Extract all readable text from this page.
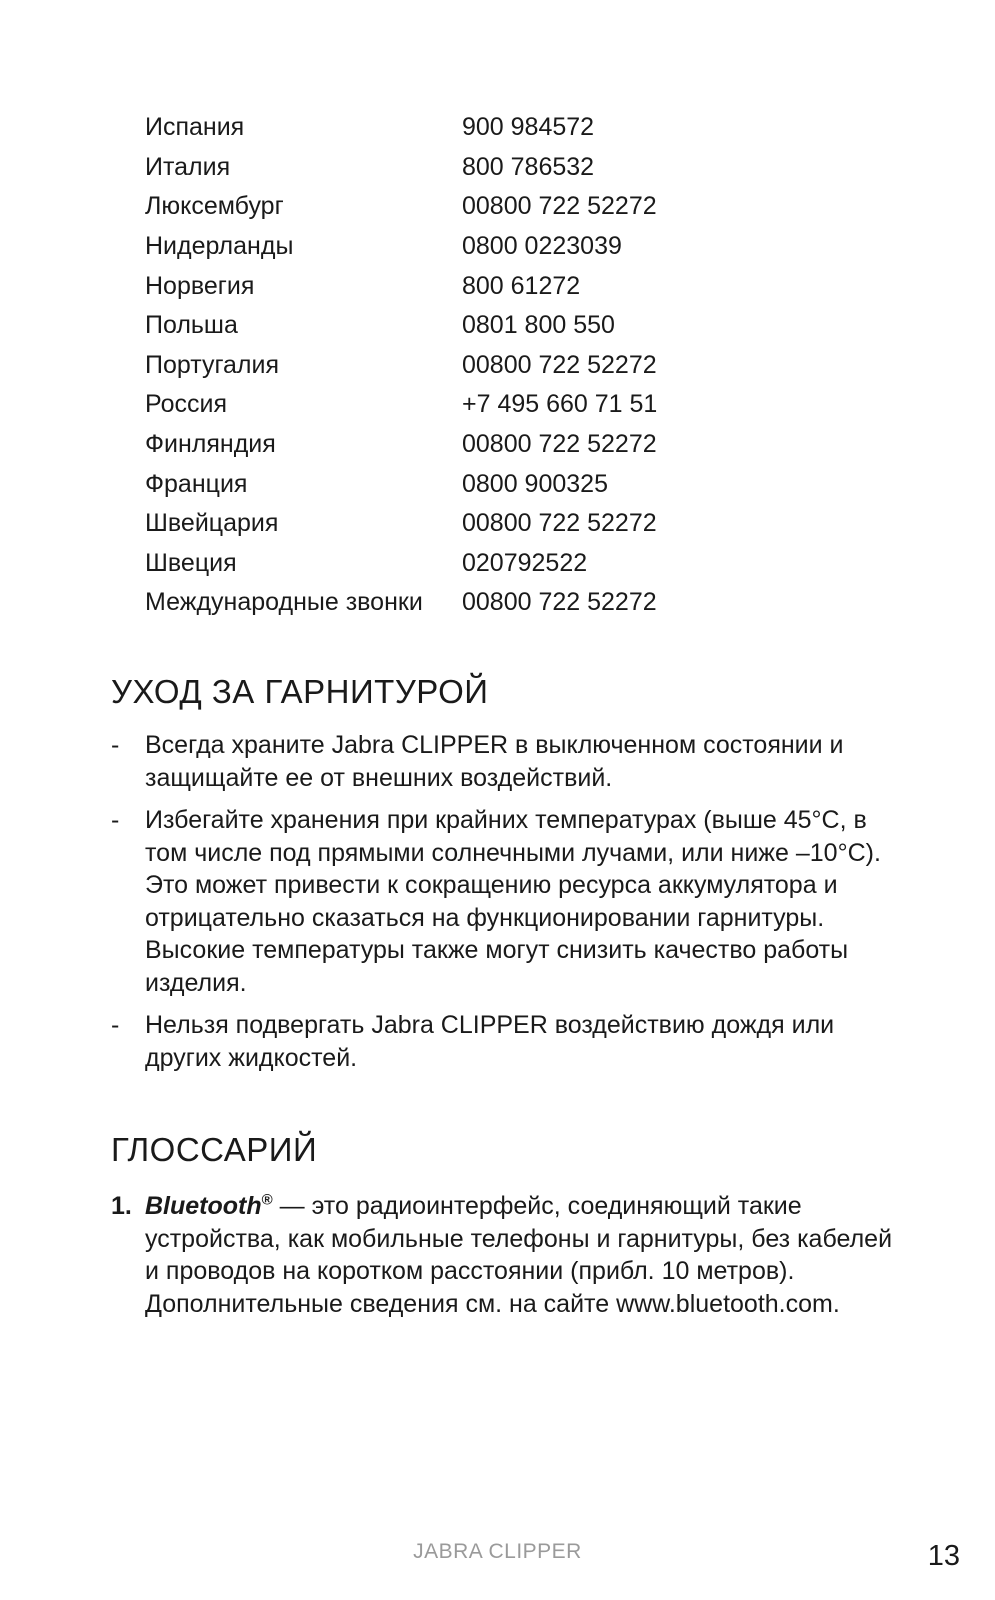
Испания	900 984572
Италия	800 786532
Люксембург	00800 722 52272
Нидерланды	0800 0223039
Норвегия	800 61272
Польша	0801 800 550
Португалия	00800 722 52272
Россия	+7 495 660 71 51
Финляндия	00800 722 52272
Франция	0800 900325
Швейцария	00800 722 52272
Швеция	020792522
Международные звонки	00800 722 52272
УХОД ЗА ГАРНИТУРОЙ
-	Всегда храните Jabra CLIPPER в выключенном состоянии и защищайте ее от внешних воздействий.
-	Избегайте хранения при крайних температурах (выше 45°C, в том числе под прямыми солнечными лучами, или ниже –10°C). Это может привести к сокращению ресурса аккумулятора и отрицательно сказаться на функционировании гарнитуры. Высокие температуры также могут снизить качество работы изделия.
-	Нельзя подвергать Jabra CLIPPER воздействию дождя или других жидкостей.
ГЛОССАРИЙ
1. Bluetooth® — это радиоинтерфейс, соединяющий такие устройства, как мобильные телефоны и гарнитуры, без кабелей и проводов на коротком расстоянии (прибл. 10 метров). Дополнительные сведения см. на сайте www.bluetooth.com.
JABRA CLIPPER	13
